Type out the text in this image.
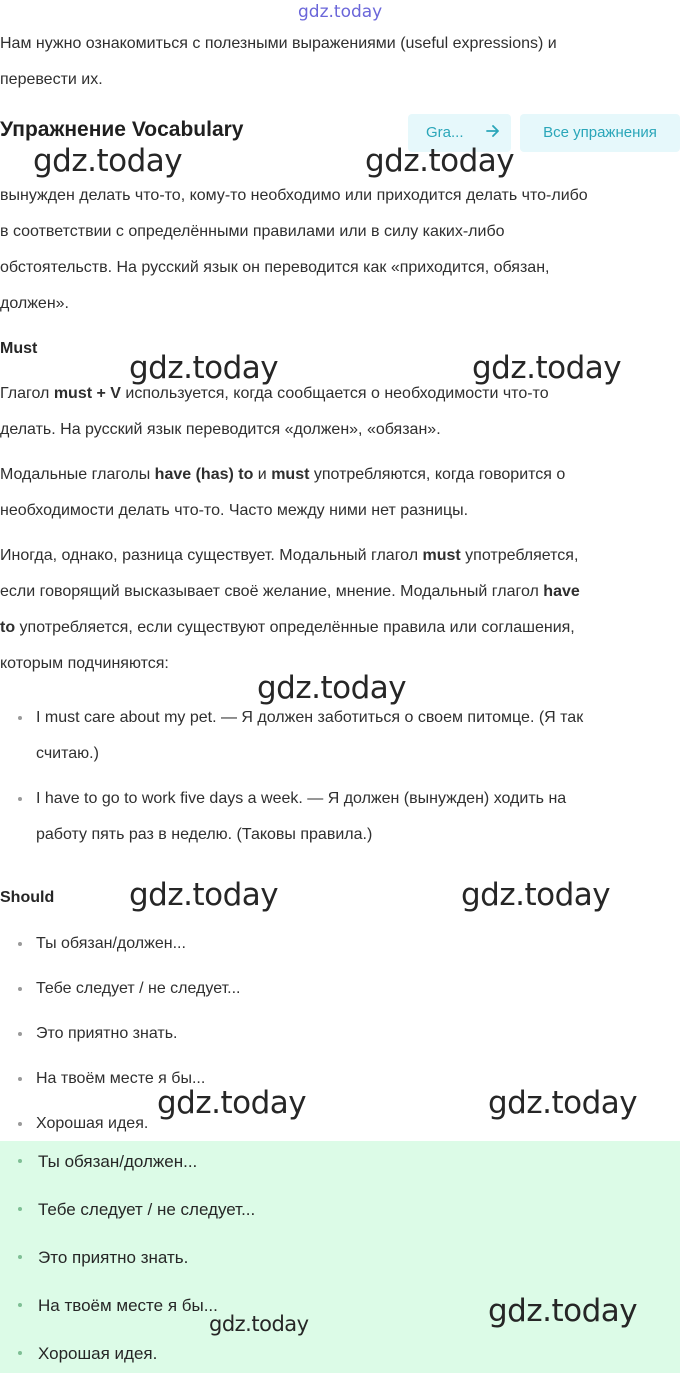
gdz.today

Нам нужно ознакомиться с полезными выражениями (useful expressions) и

перевести их.

Упражнение Vocabulary	Gra...	Все упражнения

вынужден делать что-то, кому-то необходимо или приходится делать что-либо

в соответствии с определёнными правилами или в силу каких-либо

обстоятельств. На русский язык он переводится как «приходится, обязан,

должен».

Must

Глагол must + V используется, когда сообщается о необходимости что-то

делать. На русский язык переводится «должен», «обязан».

Модальные глаголы have (has) to и must употребляются, когда говорится о

необходимости делать что-то. Часто между ними нет разницы.

Иногда, однако, разница существует. Модальный глагол must употребляется,

если говорящий высказывает своё желание, мнение. Модальный глагол have

to употребляется, если существуют определённые правила или соглашения,

которым подчиняются:

I must care about my pet. — Я должен заботиться о своем питомце. (Я так
считаю.)
I have to go to work five days a week. — Я должен (вынужден) ходить на
работу пять раз в неделю. (Таковы правила.)
Should
Ты обязан/должен...
Тебе следует / не следует...
Это приятно знать.
На твоём месте я бы...
Хорошая идея.
Ты обязан/должен...
Тебе следует / не следует...
Это приятно знать.
На твоём месте я бы...
Хорошая идея.
gdz.today	gdz.today
gdz.today	gdz.today
gdz.today
gdz.today	gdz.today
gdz.today	gdz.today
gdz.today
gdz.today
